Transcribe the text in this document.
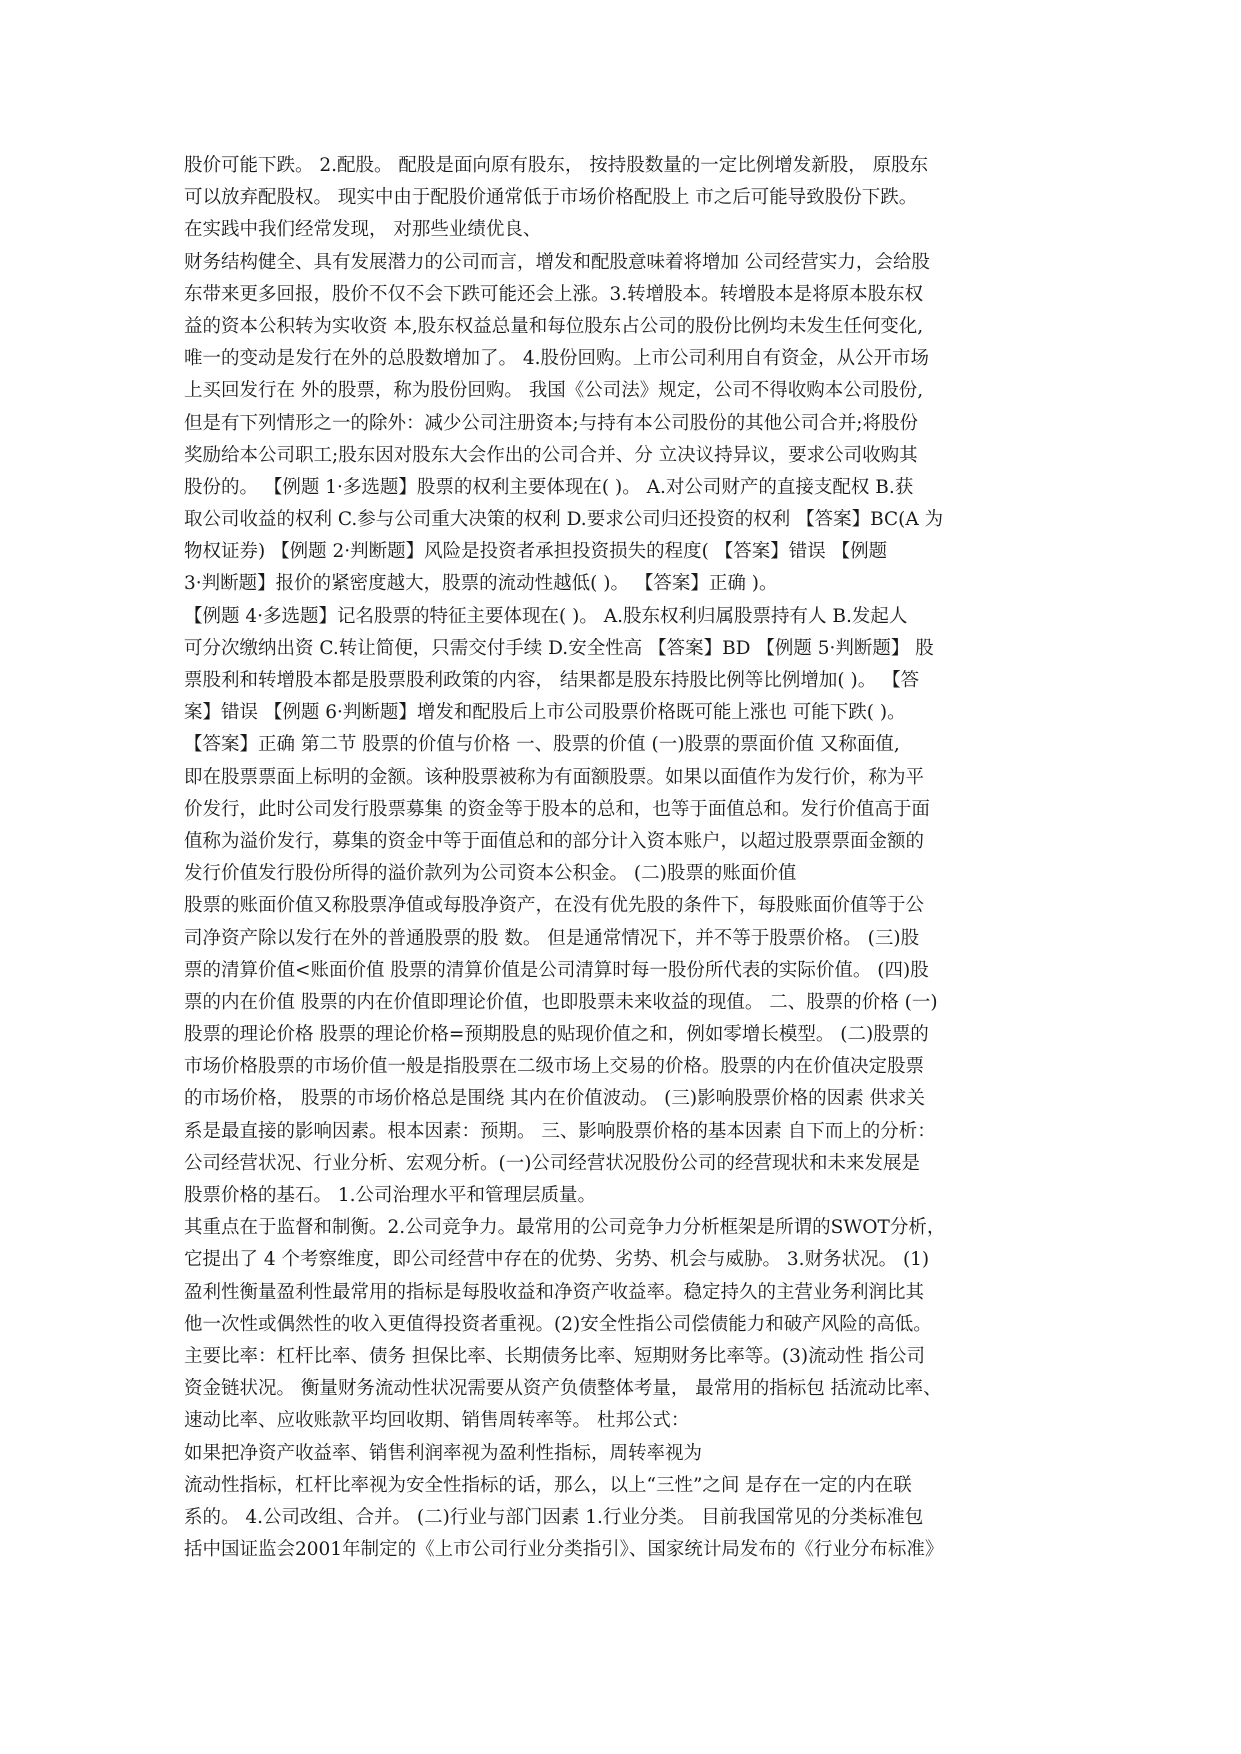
股价可能下跌。 2.配股。 配股是面向原有股东， 按持股数量的一定比例增发新股， 原股东
可以放弃配股权。 现实中由于配股价通常低于市场价格配股上 市之后可能导致股份下跌。
在实践中我们经常发现， 对那些业绩优良、
财务结构健全、具有发展潜力的公司而言，增发和配股意味着将增加 公司经营实力，会给股
东带来更多回报，股价不仅不会下跌可能还会上涨。3.转增股本。转增股本是将原本股东权
益的资本公积转为实收资 本,股东权益总量和每位股东占公司的股份比例均未发生任何变化,
唯一的变动是发行在外的总股数增加了。 4.股份回购。上市公司利用自有资金，从公开市场
上买回发行在 外的股票，称为股份回购。 我国《公司法》规定，公司不得收购本公司股份,
但是有下列情形之一的除外：减少公司注册资本;与持有本公司股份的其他公司合并;将股份
奖励给本公司职工;股东因对股东大会作出的公司合并、分 立决议持异议，要求公司收购其
股份的。 【例题 1·多选题】股票的权利主要体现在( )。 A.对公司财产的直接支配权 B.获
取公司收益的权利 C.参与公司重大决策的权利 D.要求公司归还投资的权利 【答案】BC(A 为
物权证券) 【例题 2·判断题】风险是投资者承担投资损失的程度( 【答案】错误 【例题
3·判断题】报价的紧密度越大，股票的流动性越低( )。 【答案】正确 )。
【例题 4·多选题】记名股票的特征主要体现在( )。 A.股东权利归属股票持有人 B.发起人
可分次缴纳出资 C.转让简便，只需交付手续 D.安全性高 【答案】BD 【例题 5·判断题】 股
票股利和转增股本都是股票股利政策的内容， 结果都是股东持股比例等比例增加( )。 【答
案】错误 【例题 6·判断题】增发和配股后上市公司股票价格既可能上涨也 可能下跌( )。
【答案】正确 第二节 股票的价值与价格 一、股票的价值 (一)股票的票面价值 又称面值,
即在股票票面上标明的金额。该种股票被称为有面额股票。如果以面值作为发行价，称为平
价发行，此时公司发行股票募集 的资金等于股本的总和，也等于面值总和。发行价值高于面
值称为溢价发行，募集的资金中等于面值总和的部分计入资本账户，以超过股票票面金额的
发行价值发行股份所得的溢价款列为公司资本公积金。 (二)股票的账面价值
股票的账面价值又称股票净值或每股净资产，在没有优先股的条件下，每股账面价值等于公
司净资产除以发行在外的普通股票的股 数。 但是通常情况下，并不等于股票价格。 (三)股
票的清算价值<账面价值 股票的清算价值是公司清算时每一股份所代表的实际价值。 (四)股
票的内在价值 股票的内在价值即理论价值，也即股票未来收益的现值。 二、股票的价格 (一)
股票的理论价格 股票的理论价格=预期股息的贴现价值之和，例如零增长模型。 (二)股票的
市场价格股票的市场价值一般是指股票在二级市场上交易的价格。股票的内在价值决定股票
的市场价格， 股票的市场价格总是围绕 其内在价值波动。 (三)影响股票价格的因素 供求关
系是最直接的影响因素。根本因素：预期。 三、影响股票价格的基本因素 自下而上的分析：
公司经营状况、行业分析、宏观分析。(一)公司经营状况股份公司的经营现状和未来发展是
股票价格的基石。 1.公司治理水平和管理层质量。
其重点在于监督和制衡。2.公司竞争力。最常用的公司竞争力分析框架是所谓的SWOT分析，
它提出了 4 个考察维度，即公司经营中存在的优势、劣势、机会与威胁。 3.财务状况。 (1)
盈利性衡量盈利性最常用的指标是每股收益和净资产收益率。稳定持久的主营业务利润比其
他一次性或偶然性的收入更值得投资者重视。(2)安全性指公司偿债能力和破产风险的高低。
主要比率：杠杆比率、债务 担保比率、长期债务比率、短期财务比率等。(3)流动性 指公司
资金链状况。 衡量财务流动性状况需要从资产负债整体考量， 最常用的指标包 括流动比率、
速动比率、应收账款平均回收期、销售周转率等。 杜邦公式：
如果把净资产收益率、销售利润率视为盈利性指标，周转率视为
流动性指标，杠杆比率视为安全性指标的话，那么，以上“三性”之间 是存在一定的内在联
系的。 4.公司改组、合并。 (二)行业与部门因素 1.行业分类。 目前我国常见的分类标准包
括中国证监会2001年制定的《上市公司行业分类指引》、国家统计局发布的《行业分布标准》
